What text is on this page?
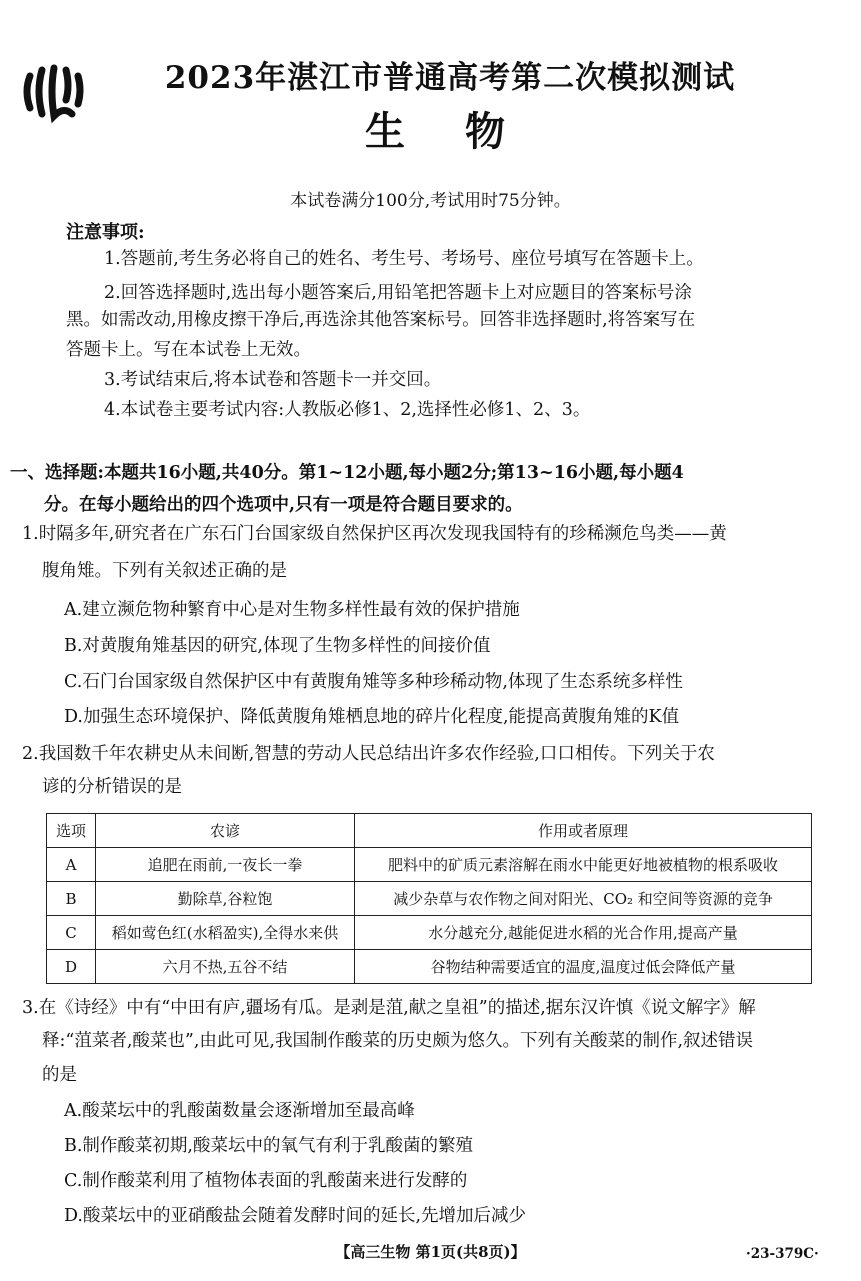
2023年湛江市普通高考第二次模拟测试
生物
本试卷满分100分,考试用时75分钟。
注意事项:
1.答题前,考生务必将自己的姓名、考生号、考场号、座位号填写在答题卡上。
2.回答选择题时,选出每小题答案后,用铅笔把答题卡上对应题目的答案标号涂
黑。如需改动,用橡皮擦干净后,再选涂其他答案标号。回答非选择题时,将答案写在
答题卡上。写在本试卷上无效。
3.考试结束后,将本试卷和答题卡一并交回。
4.本试卷主要考试内容:人教版必修1、2,选择性必修1、2、3。
一、选择题:本题共16小题,共40分。第1~12小题,每小题2分;第13~16小题,每小题4
分。在每小题给出的四个选项中,只有一项是符合题目要求的。
1.时隔多年,研究者在广东石门台国家级自然保护区再次发现我国特有的珍稀濒危鸟类——黄
腹角雉。下列有关叙述正确的是
A.建立濒危物种繁育中心是对生物多样性最有效的保护措施
B.对黄腹角雉基因的研究,体现了生物多样性的间接价值
C.石门台国家级自然保护区中有黄腹角雉等多种珍稀动物,体现了生态系统多样性
D.加强生态环境保护、降低黄腹角雉栖息地的碎片化程度,能提高黄腹角雉的K值
2.我国数千年农耕史从未间断,智慧的劳动人民总结出许多农作经验,口口相传。下列关于农
谚的分析错误的是
选项	农谚	作用或者原理
A	追肥在雨前,一夜长一拳	肥料中的矿质元素溶解在雨水中能更好地被植物的根系吸收
B	勤除草,谷粒饱	减少杂草与农作物之间对阳光、CO₂ 和空间等资源的竞争
C	稻如莺色红(水稻盈实),全得水来供	水分越充分,越能促进水稻的光合作用,提高产量
D	六月不热,五谷不结	谷物结种需要适宜的温度,温度过低会降低产量
3.在《诗经》中有“中田有庐,疆场有瓜。是剥是菹,献之皇祖”的描述,据东汉许慎《说文解字》解
释:“菹菜者,酸菜也”,由此可见,我国制作酸菜的历史颇为悠久。下列有关酸菜的制作,叙述错误
的是
A.酸菜坛中的乳酸菌数量会逐渐增加至最高峰
B.制作酸菜初期,酸菜坛中的氧气有利于乳酸菌的繁殖
C.制作酸菜利用了植物体表面的乳酸菌来进行发酵的
D.酸菜坛中的亚硝酸盐会随着发酵时间的延长,先增加后减少
【高三生物 第1页(共8页)】	·23-379C·
